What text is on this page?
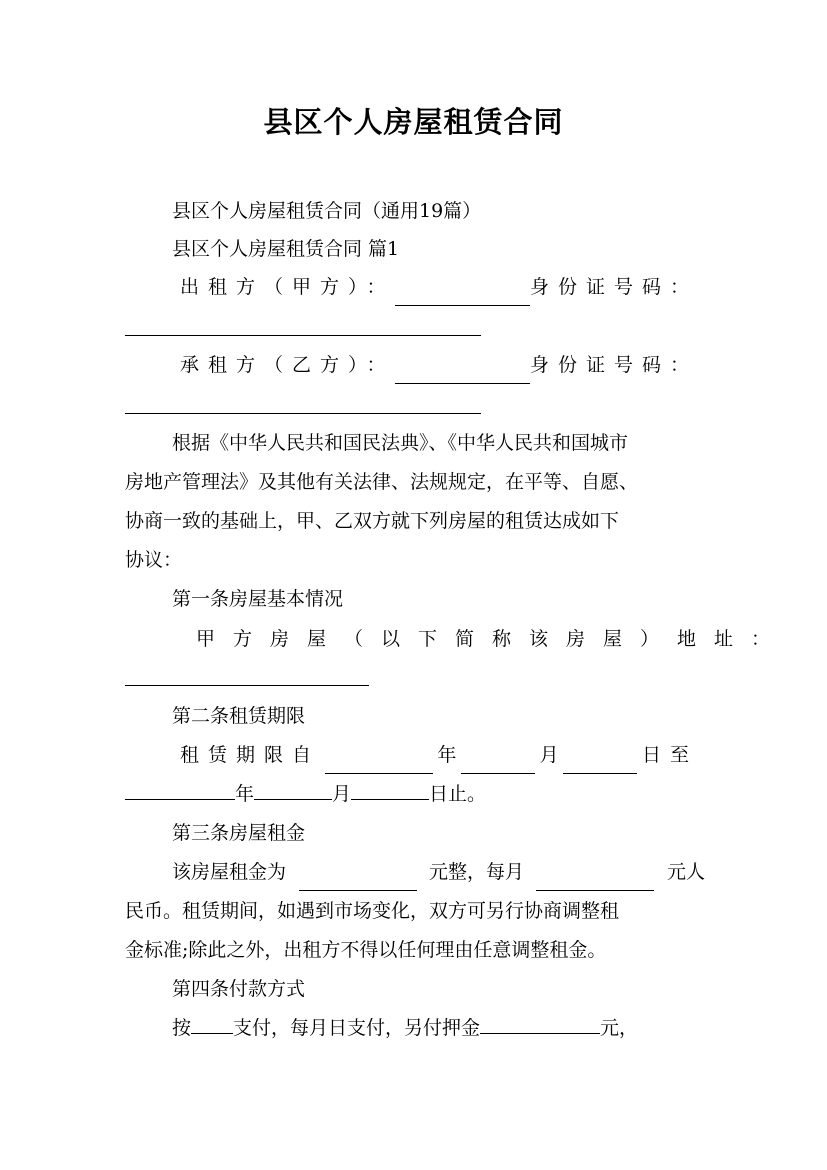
县区个人房屋租赁合同
县区个人房屋租赁合同（通用19篇）
县区个人房屋租赁合同 篇1
出租方（甲方）：	身份证号码：
承租方（乙方）：	身份证号码：
根据《中华人民共和国民法典》、《中华人民共和国城市
房地产管理法》及其他有关法律、法规规定，在平等、自愿、
协商一致的基础上，甲、乙双方就下列房屋的租赁达成如下
协议：
第一条房屋基本情况
甲方房屋（以下简称该房屋）地址：
第二条租赁期限
租赁期限自	年	月	日至
年	月	日止。
第三条房屋租金
该房屋租金为	元整，每月	元人
民币。租赁期间，如遇到市场变化，双方可另行协商调整租
金标准;除此之外，出租方不得以任何理由任意调整租金。
第四条付款方式
按 支付，每月日支付，另付押金	元，
